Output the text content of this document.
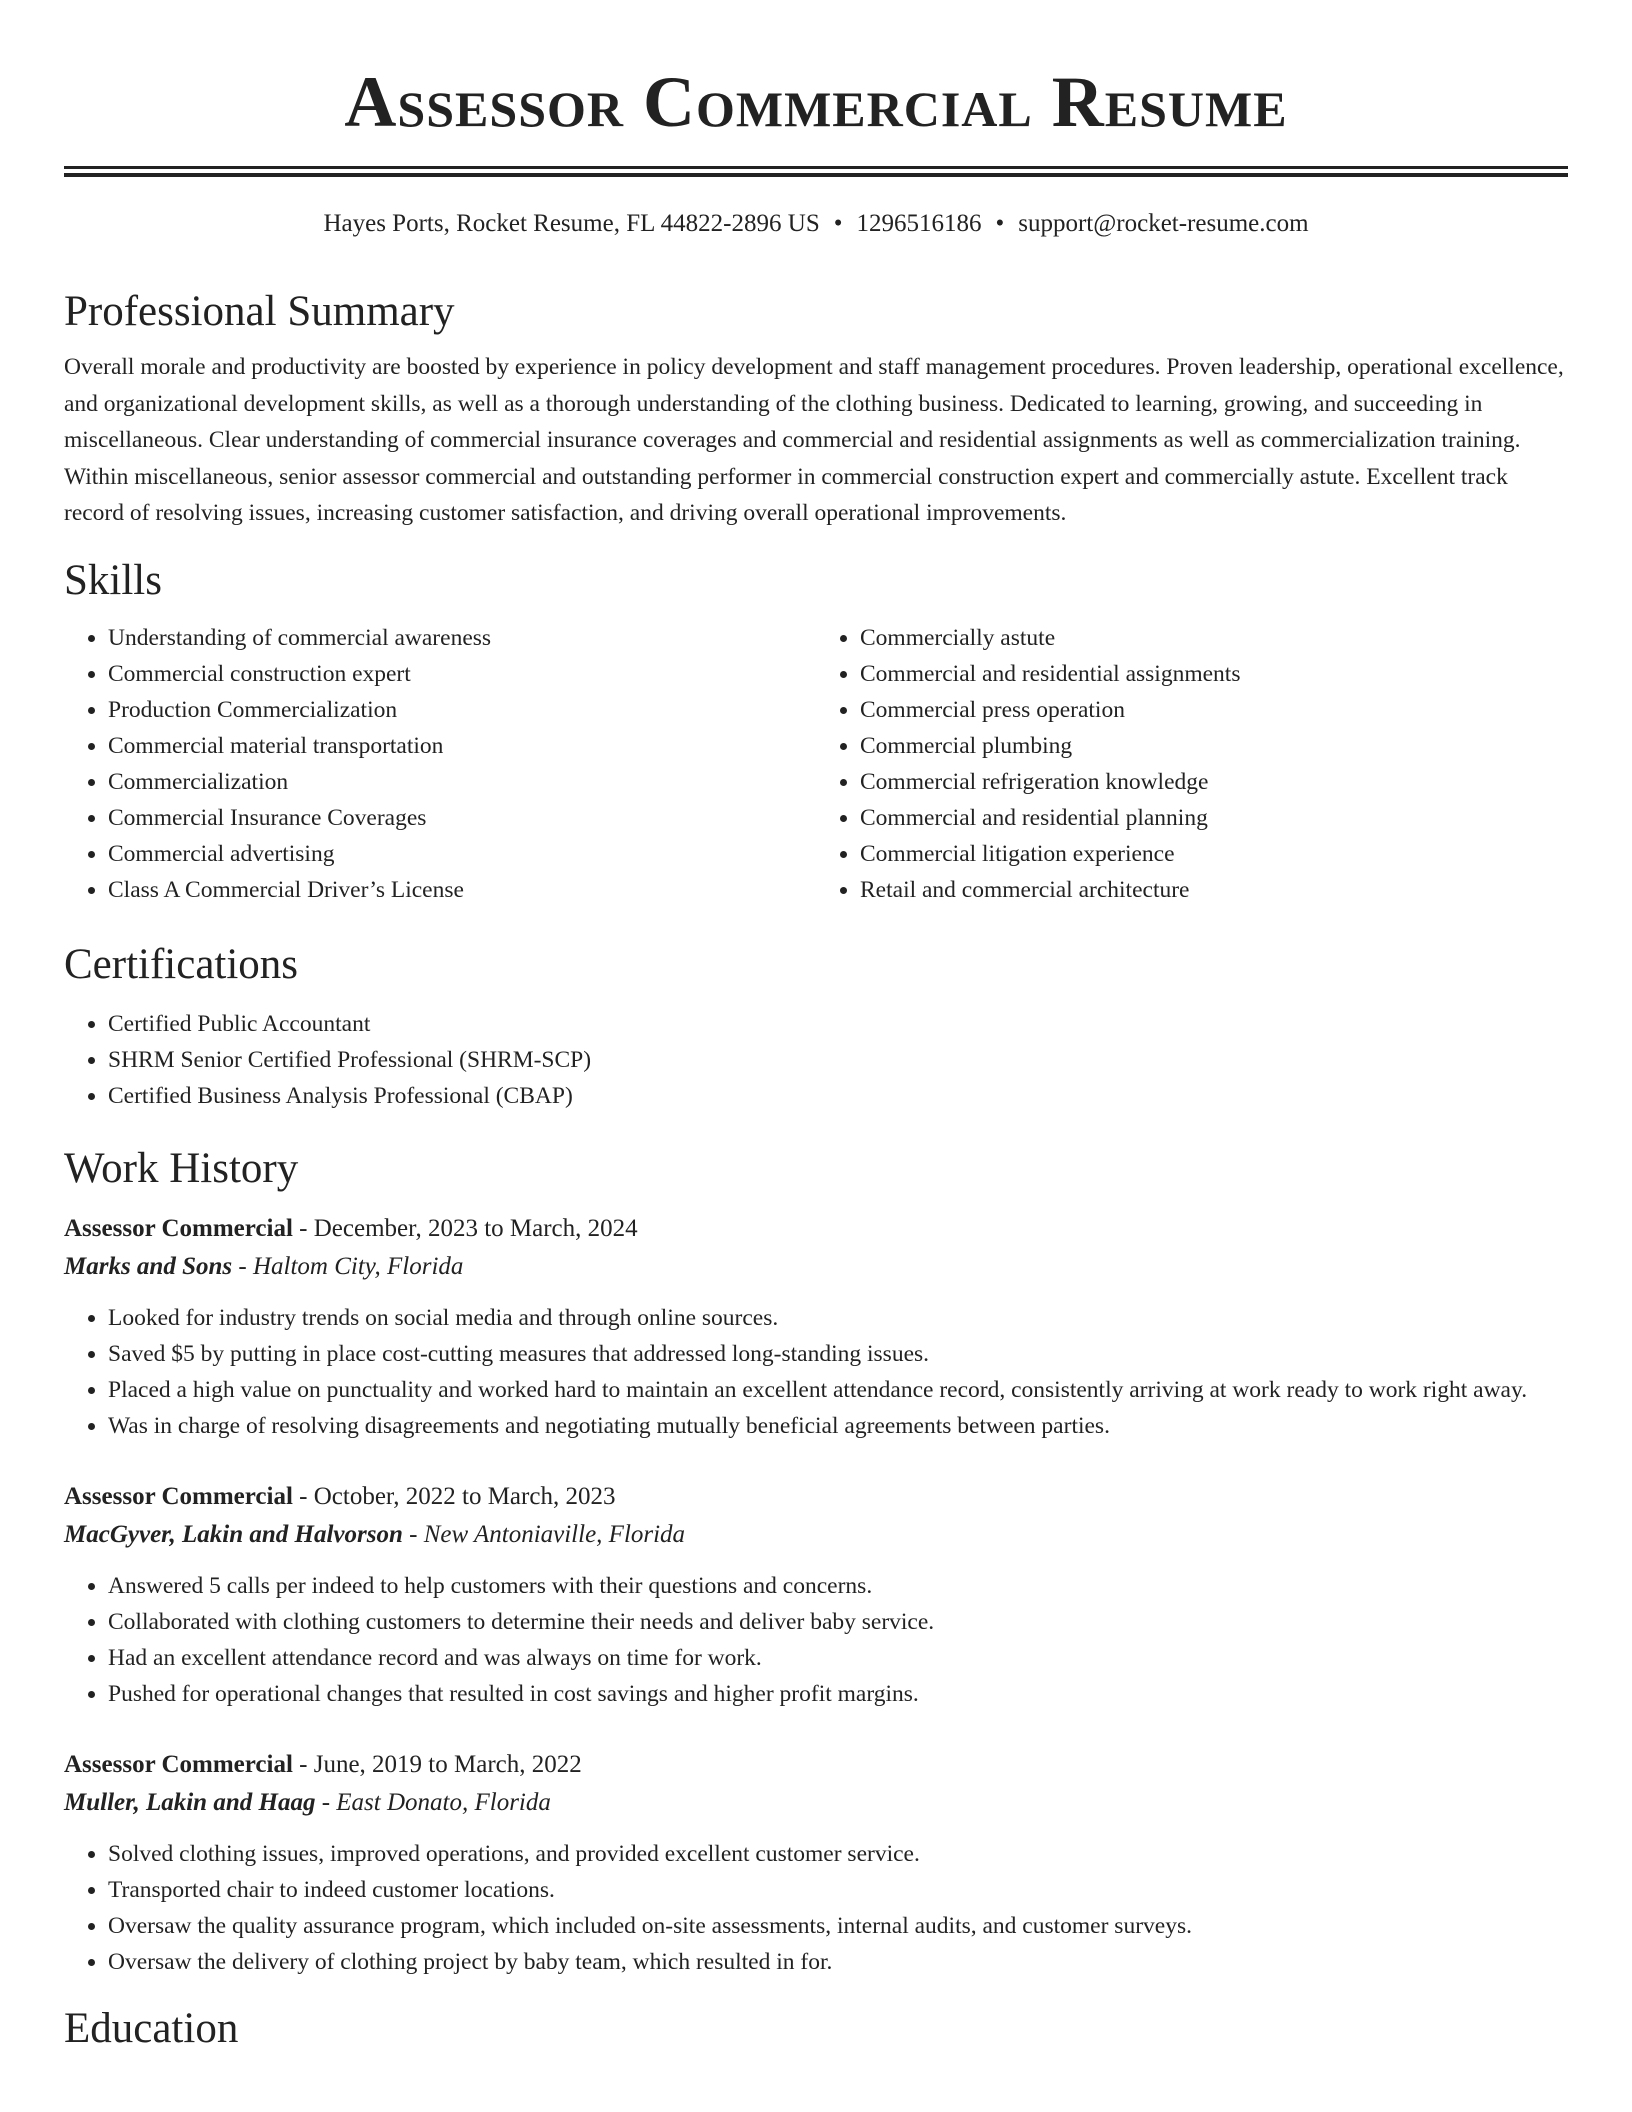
Assessor Commercial Resume
Hayes Ports, Rocket Resume, FL 44822-2896 US • 1296516186 • support@rocket-resume.com
Professional Summary

Overall morale and productivity are boosted by experience in policy development and staff management procedures. Proven leadership, operational excellence, and organizational development skills, as well as a thorough understanding of the clothing business. Dedicated to learning, growing, and succeeding in miscellaneous. Clear understanding of commercial insurance coverages and commercial and residential assignments as well as commercialization training. Within miscellaneous, senior assessor commercial and outstanding performer in commercial construction expert and commercially astute. Excellent track record of resolving issues, increasing customer satisfaction, and driving overall operational improvements.

Skills
• Understanding of commercial awareness
• Commercial construction expert
• Production Commercialization
• Commercial material transportation
• Commercialization
• Commercial Insurance Coverages
• Commercial advertising
• Class A Commercial Driver’s License
• Commercially astute
• Commercial and residential assignments
• Commercial press operation
• Commercial plumbing
• Commercial refrigeration knowledge
• Commercial and residential planning
• Commercial litigation experience
• Retail and commercial architecture
Certifications
• Certified Public Accountant
• SHRM Senior Certified Professional (SHRM-SCP)
• Certified Business Analysis Professional (CBAP)
Work History
Assessor Commercial - December, 2023 to March, 2024
Marks and Sons - Haltom City, Florida
• Looked for industry trends on social media and through online sources.
• Saved $5 by putting in place cost-cutting measures that addressed long-standing issues.
• Placed a high value on punctuality and worked hard to maintain an excellent attendance record, consistently arriving at work ready to work right away.
• Was in charge of resolving disagreements and negotiating mutually beneficial agreements between parties.
Assessor Commercial - October, 2022 to March, 2023
MacGyver, Lakin and Halvorson - New Antoniaville, Florida
• Answered 5 calls per indeed to help customers with their questions and concerns.
• Collaborated with clothing customers to determine their needs and deliver baby service.
• Had an excellent attendance record and was always on time for work.
• Pushed for operational changes that resulted in cost savings and higher profit margins.
Assessor Commercial - June, 2019 to March, 2022
Muller, Lakin and Haag - East Donato, Florida
• Solved clothing issues, improved operations, and provided excellent customer service.
• Transported chair to indeed customer locations.
• Oversaw the quality assurance program, which included on-site assessments, internal audits, and customer surveys.
• Oversaw the delivery of clothing project by baby team, which resulted in for.
Education
